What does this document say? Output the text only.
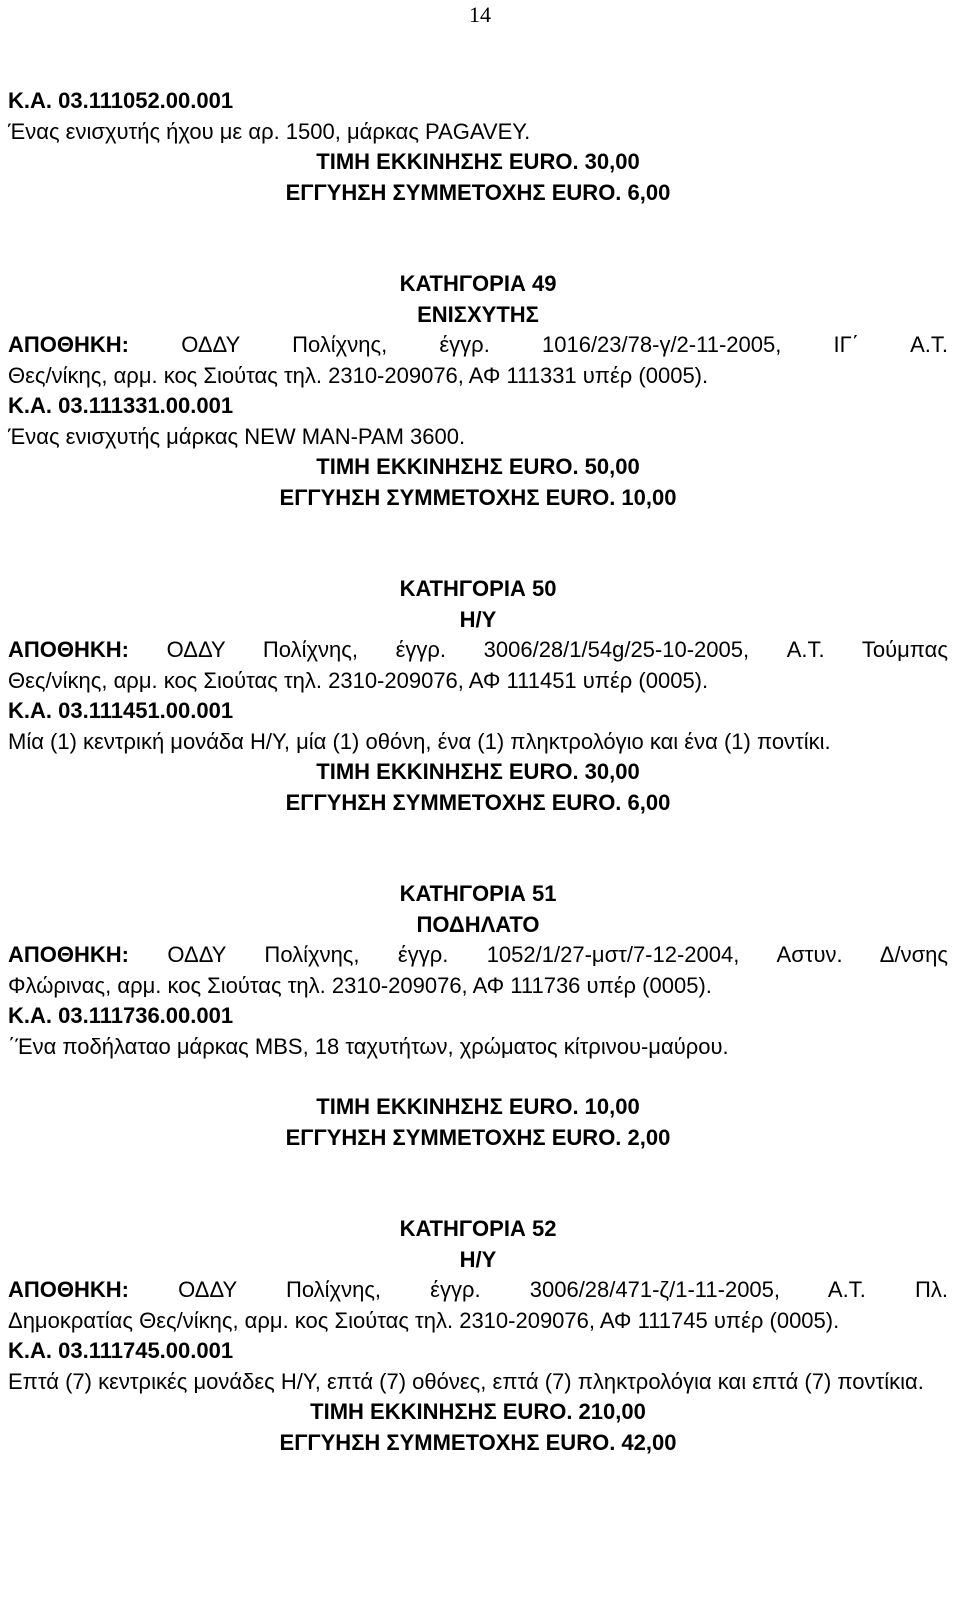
14
Κ.Α. 03.111052.00.001
Ένας ενισχυτής ήχου με αρ. 1500, μάρκας PAGAVEY.
ΤΙΜΗ ΕΚΚΙΝΗΣΗΣ EURO. 30,00
ΕΓΓΥΗΣΗ ΣΥΜΜΕΤΟΧΗΣ EURO. 6,00
ΚΑΤΗΓΟΡΙΑ 49
ΕΝΙΣΧΥΤΗΣ
ΑΠΟΘΗΚΗ: ΟΔΔΥ Πολίχνης, έγγρ. 1016/23/78-γ/2-11-2005, ΙΓ΄ Α.Τ.
Θες/νίκης, αρμ. κος Σιούτας τηλ. 2310-209076, ΑΦ 111331 υπέρ (0005).
Κ.Α. 03.111331.00.001
Ένας ενισχυτής μάρκας NEW MAN-PAM 3600.
ΤΙΜΗ ΕΚΚΙΝΗΣΗΣ EURO. 50,00
ΕΓΓΥΗΣΗ ΣΥΜΜΕΤΟΧΗΣ EURO. 10,00
ΚΑΤΗΓΟΡΙΑ 50
Η/Υ
ΑΠΟΘΗΚΗ: ΟΔΔΥ Πολίχνης, έγγρ. 3006/28/1/54g/25-10-2005, Α.Τ. Τούμπας
Θες/νίκης, αρμ. κος Σιούτας τηλ. 2310-209076, ΑΦ 111451 υπέρ (0005).
Κ.Α. 03.111451.00.001
Μία (1) κεντρική μονάδα Η/Υ, μία (1) οθόνη, ένα (1) πληκτρολόγιο και ένα (1) ποντίκι.
ΤΙΜΗ ΕΚΚΙΝΗΣΗΣ EURO. 30,00
ΕΓΓΥΗΣΗ ΣΥΜΜΕΤΟΧΗΣ EURO. 6,00
ΚΑΤΗΓΟΡΙΑ 51
ΠΟΔΗΛΑΤΟ
ΑΠΟΘΗΚΗ: ΟΔΔΥ Πολίχνης, έγγρ. 1052/1/27-μστ/7-12-2004, Αστυν. Δ/νσης
Φλώρινας, αρμ. κος Σιούτας τηλ. 2310-209076, ΑΦ 111736 υπέρ (0005).
Κ.Α. 03.111736.00.001
΄Ένα ποδήλαταο μάρκας MBS, 18 ταχυτήτων, χρώματος κίτρινου-μαύρου.
ΤΙΜΗ ΕΚΚΙΝΗΣΗΣ EURO. 10,00
ΕΓΓΥΗΣΗ ΣΥΜΜΕΤΟΧΗΣ EURO. 2,00
ΚΑΤΗΓΟΡΙΑ 52
Η/Υ
ΑΠΟΘΗΚΗ: ΟΔΔΥ Πολίχνης, έγγρ. 3006/28/471-ζ/1-11-2005, Α.Τ. Πλ.
Δημοκρατίας Θες/νίκης, αρμ. κος Σιούτας τηλ. 2310-209076, ΑΦ 111745 υπέρ (0005).
Κ.Α. 03.111745.00.001
Επτά (7) κεντρικές μονάδες Η/Υ, επτά (7) οθόνες, επτά (7) πληκτρολόγια και επτά (7) ποντίκια.
ΤΙΜΗ ΕΚΚΙΝΗΣΗΣ EURO. 210,00
ΕΓΓΥΗΣΗ ΣΥΜΜΕΤΟΧΗΣ EURO. 42,00
